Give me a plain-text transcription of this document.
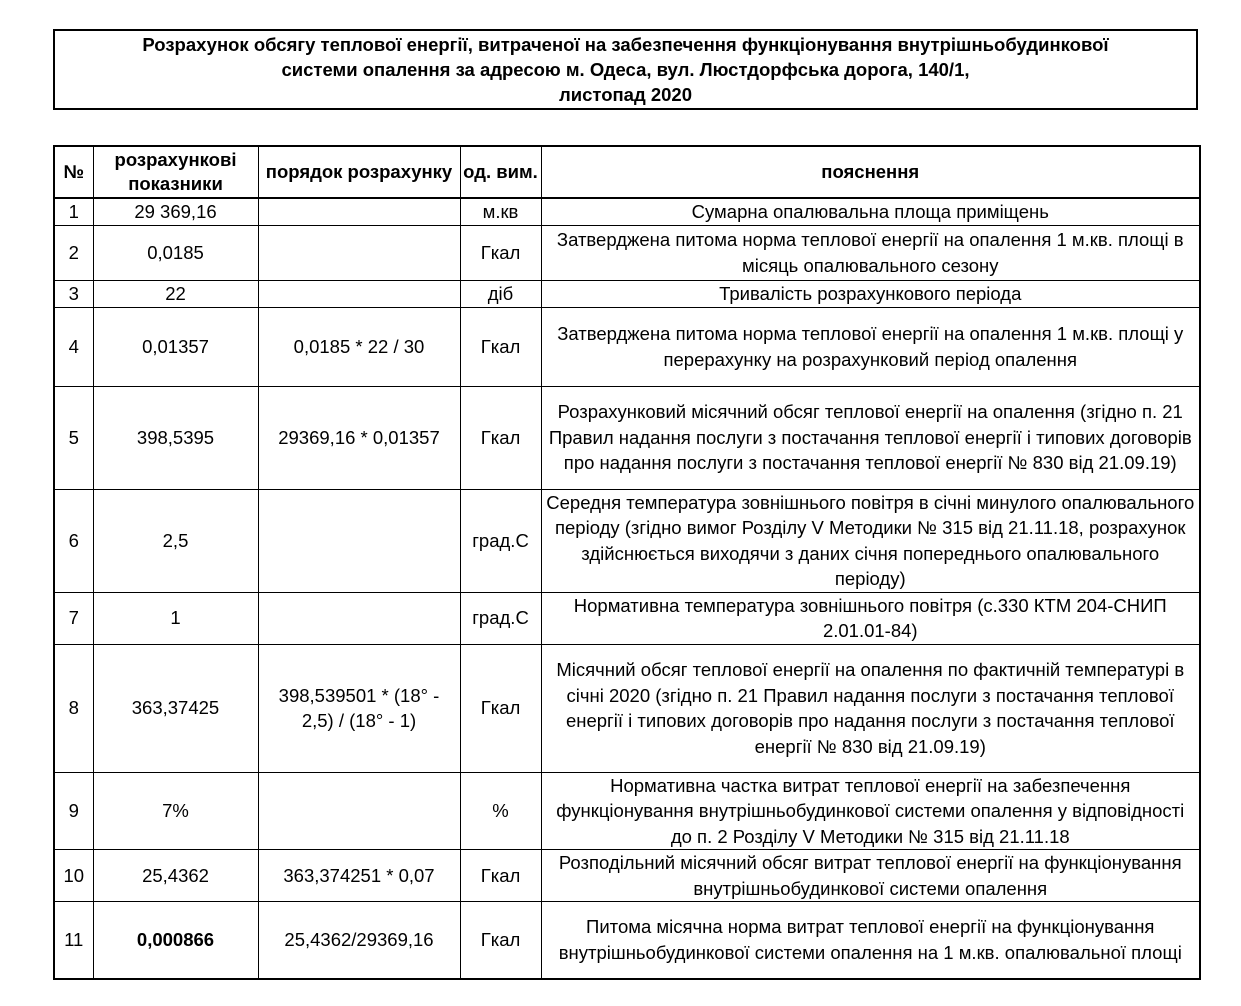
Розрахунок обсягу теплової енергії, витраченої на забезпечення функціонування внутрішньобудинкової
системи опалення за адресою м. Одеса, вул. Люстдорфська дорога, 140/1,
листопад 2020
№	розрахункові показники	порядок розрахунку	од. вим.	пояснення
1	29 369,16		м.кв	Сумарна опалювальна площа приміщень
2	0,0185		Гкал	Затверджена питома норма теплової енергії на опалення 1 м.кв. площі в місяць опалювального сезону
3	22		діб	Тривалість розрахункового періода
4	0,01357	0,0185 * 22 / 30	Гкал	Затверджена питома норма теплової енергії на опалення 1 м.кв. площі у перерахунку на розрахунковий період опалення
5	398,5395	29369,16 * 0,01357	Гкал	Розрахунковий місячний обсяг теплової енергії на опалення (згідно п. 21 Правил надання послуги з постачання теплової енергії і типових договорів про надання послуги з постачання теплової енергії № 830 від 21.09.19)
6	2,5		град.С	Середня температура зовнішнього повітря в січні минулого опалювального періоду (згідно вимог Розділу V Методики № 315 від 21.11.18, розрахунок здійснюється виходячи з даних січня попереднього опалювального періоду)
7	1		град.С	Нормативна температура зовнішнього повітря (с.330 КТМ 204-СНИП 2.01.01-84)
8	363,37425	398,539501 * (18° - 2,5) / (18° - 1)	Гкал	Місячний обсяг теплової енергії на опалення по фактичній температурі в січні 2020 (згідно п. 21 Правил надання послуги з постачання теплової енергії і типових договорів про надання послуги з постачання теплової енергії № 830 від 21.09.19)
9	7%		%	Нормативна частка витрат теплової енергії на забезпечення функціонування внутрішньобудинкової системи опалення у відповідності до п. 2 Розділу V Методики № 315 від 21.11.18
10	25,4362	363,374251 * 0,07	Гкал	Розподільний місячний обсяг витрат теплової енергії на функціонування внутрішньобудинкової системи опалення
11	0,000866	25,4362/29369,16	Гкал	Питома місячна норма витрат теплової енергії на функціонування внутрішньобудинкової системи опалення на 1 м.кв. опалювальної площі
